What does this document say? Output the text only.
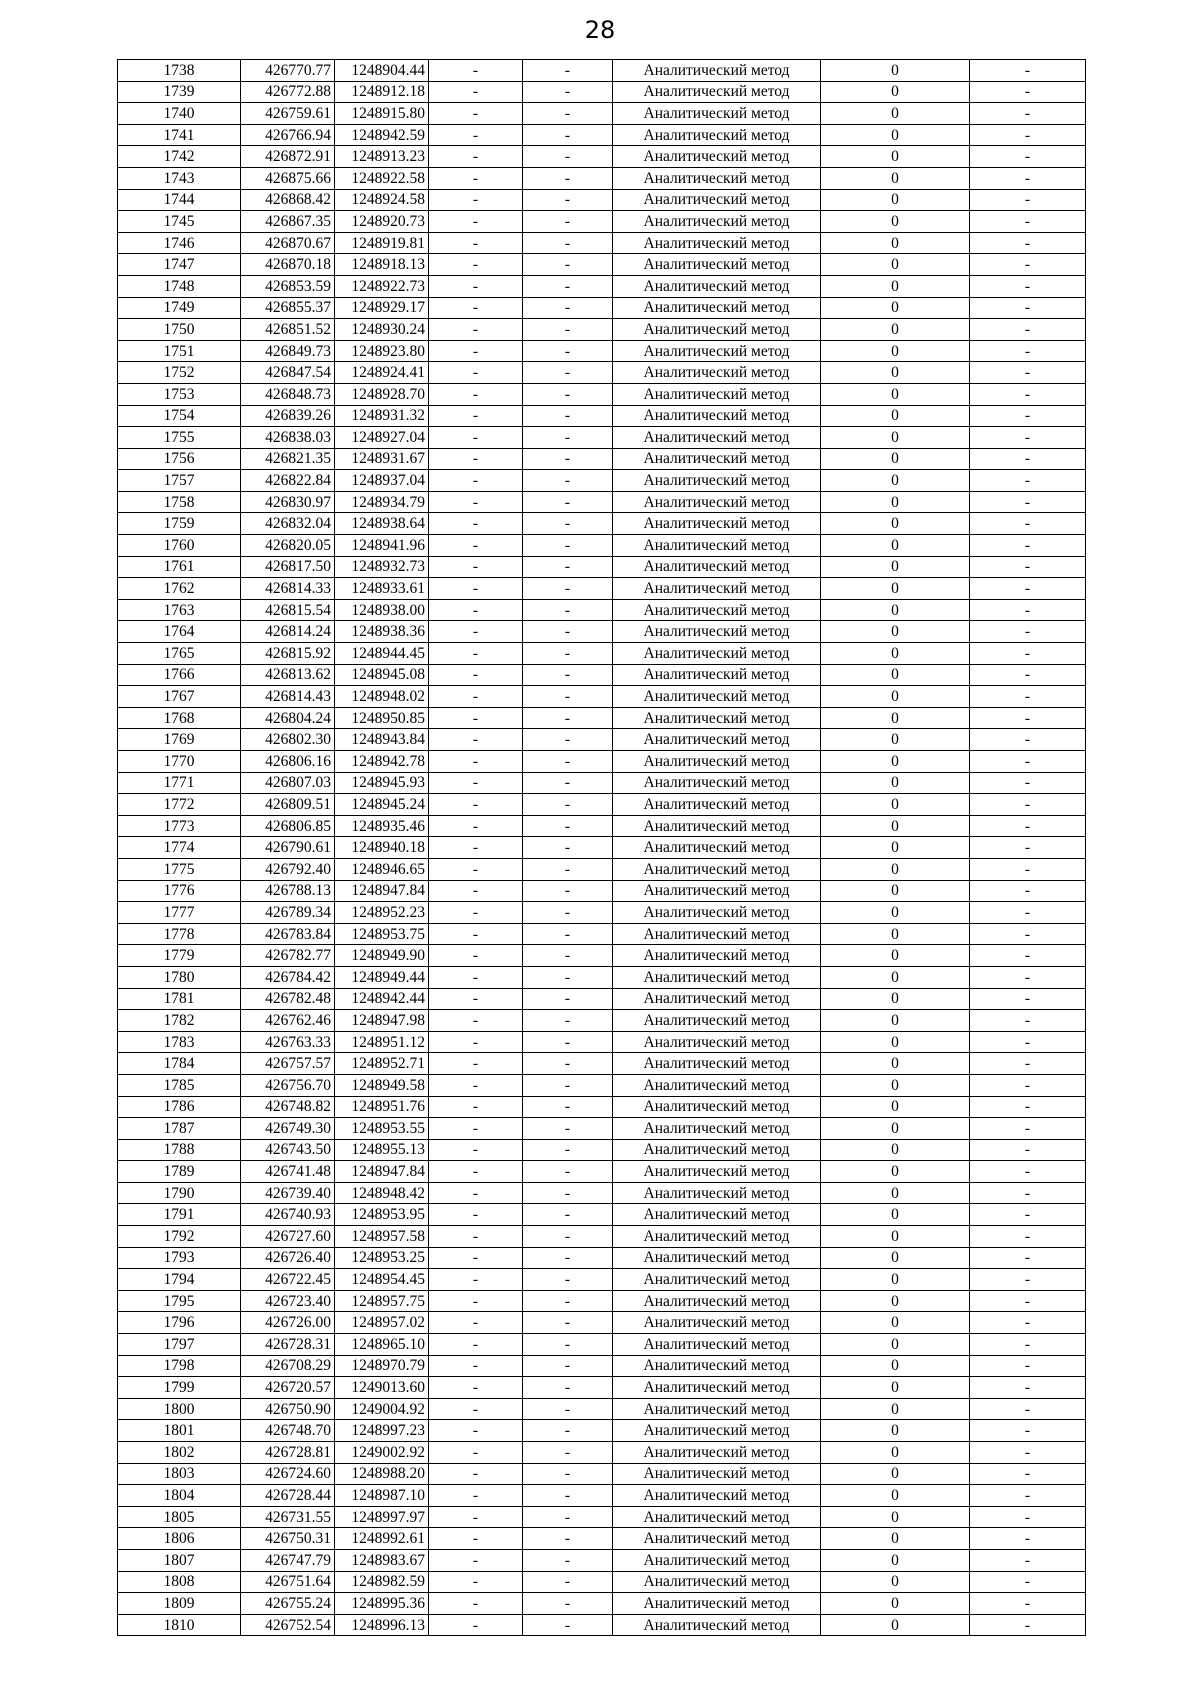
28
1738	426770.77	1248904.44	-	-	Аналитический метод	0	-
1739	426772.88	1248912.18	-	-	Аналитический метод	0	-
1740	426759.61	1248915.80	-	-	Аналитический метод	0	-
1741	426766.94	1248942.59	-	-	Аналитический метод	0	-
1742	426872.91	1248913.23	-	-	Аналитический метод	0	-
1743	426875.66	1248922.58	-	-	Аналитический метод	0	-
1744	426868.42	1248924.58	-	-	Аналитический метод	0	-
1745	426867.35	1248920.73	-	-	Аналитический метод	0	-
1746	426870.67	1248919.81	-	-	Аналитический метод	0	-
1747	426870.18	1248918.13	-	-	Аналитический метод	0	-
1748	426853.59	1248922.73	-	-	Аналитический метод	0	-
1749	426855.37	1248929.17	-	-	Аналитический метод	0	-
1750	426851.52	1248930.24	-	-	Аналитический метод	0	-
1751	426849.73	1248923.80	-	-	Аналитический метод	0	-
1752	426847.54	1248924.41	-	-	Аналитический метод	0	-
1753	426848.73	1248928.70	-	-	Аналитический метод	0	-
1754	426839.26	1248931.32	-	-	Аналитический метод	0	-
1755	426838.03	1248927.04	-	-	Аналитический метод	0	-
1756	426821.35	1248931.67	-	-	Аналитический метод	0	-
1757	426822.84	1248937.04	-	-	Аналитический метод	0	-
1758	426830.97	1248934.79	-	-	Аналитический метод	0	-
1759	426832.04	1248938.64	-	-	Аналитический метод	0	-
1760	426820.05	1248941.96	-	-	Аналитический метод	0	-
1761	426817.50	1248932.73	-	-	Аналитический метод	0	-
1762	426814.33	1248933.61	-	-	Аналитический метод	0	-
1763	426815.54	1248938.00	-	-	Аналитический метод	0	-
1764	426814.24	1248938.36	-	-	Аналитический метод	0	-
1765	426815.92	1248944.45	-	-	Аналитический метод	0	-
1766	426813.62	1248945.08	-	-	Аналитический метод	0	-
1767	426814.43	1248948.02	-	-	Аналитический метод	0	-
1768	426804.24	1248950.85	-	-	Аналитический метод	0	-
1769	426802.30	1248943.84	-	-	Аналитический метод	0	-
1770	426806.16	1248942.78	-	-	Аналитический метод	0	-
1771	426807.03	1248945.93	-	-	Аналитический метод	0	-
1772	426809.51	1248945.24	-	-	Аналитический метод	0	-
1773	426806.85	1248935.46	-	-	Аналитический метод	0	-
1774	426790.61	1248940.18	-	-	Аналитический метод	0	-
1775	426792.40	1248946.65	-	-	Аналитический метод	0	-
1776	426788.13	1248947.84	-	-	Аналитический метод	0	-
1777	426789.34	1248952.23	-	-	Аналитический метод	0	-
1778	426783.84	1248953.75	-	-	Аналитический метод	0	-
1779	426782.77	1248949.90	-	-	Аналитический метод	0	-
1780	426784.42	1248949.44	-	-	Аналитический метод	0	-
1781	426782.48	1248942.44	-	-	Аналитический метод	0	-
1782	426762.46	1248947.98	-	-	Аналитический метод	0	-
1783	426763.33	1248951.12	-	-	Аналитический метод	0	-
1784	426757.57	1248952.71	-	-	Аналитический метод	0	-
1785	426756.70	1248949.58	-	-	Аналитический метод	0	-
1786	426748.82	1248951.76	-	-	Аналитический метод	0	-
1787	426749.30	1248953.55	-	-	Аналитический метод	0	-
1788	426743.50	1248955.13	-	-	Аналитический метод	0	-
1789	426741.48	1248947.84	-	-	Аналитический метод	0	-
1790	426739.40	1248948.42	-	-	Аналитический метод	0	-
1791	426740.93	1248953.95	-	-	Аналитический метод	0	-
1792	426727.60	1248957.58	-	-	Аналитический метод	0	-
1793	426726.40	1248953.25	-	-	Аналитический метод	0	-
1794	426722.45	1248954.45	-	-	Аналитический метод	0	-
1795	426723.40	1248957.75	-	-	Аналитический метод	0	-
1796	426726.00	1248957.02	-	-	Аналитический метод	0	-
1797	426728.31	1248965.10	-	-	Аналитический метод	0	-
1798	426708.29	1248970.79	-	-	Аналитический метод	0	-
1799	426720.57	1249013.60	-	-	Аналитический метод	0	-
1800	426750.90	1249004.92	-	-	Аналитический метод	0	-
1801	426748.70	1248997.23	-	-	Аналитический метод	0	-
1802	426728.81	1249002.92	-	-	Аналитический метод	0	-
1803	426724.60	1248988.20	-	-	Аналитический метод	0	-
1804	426728.44	1248987.10	-	-	Аналитический метод	0	-
1805	426731.55	1248997.97	-	-	Аналитический метод	0	-
1806	426750.31	1248992.61	-	-	Аналитический метод	0	-
1807	426747.79	1248983.67	-	-	Аналитический метод	0	-
1808	426751.64	1248982.59	-	-	Аналитический метод	0	-
1809	426755.24	1248995.36	-	-	Аналитический метод	0	-
1810	426752.54	1248996.13	-	-	Аналитический метод	0	-
